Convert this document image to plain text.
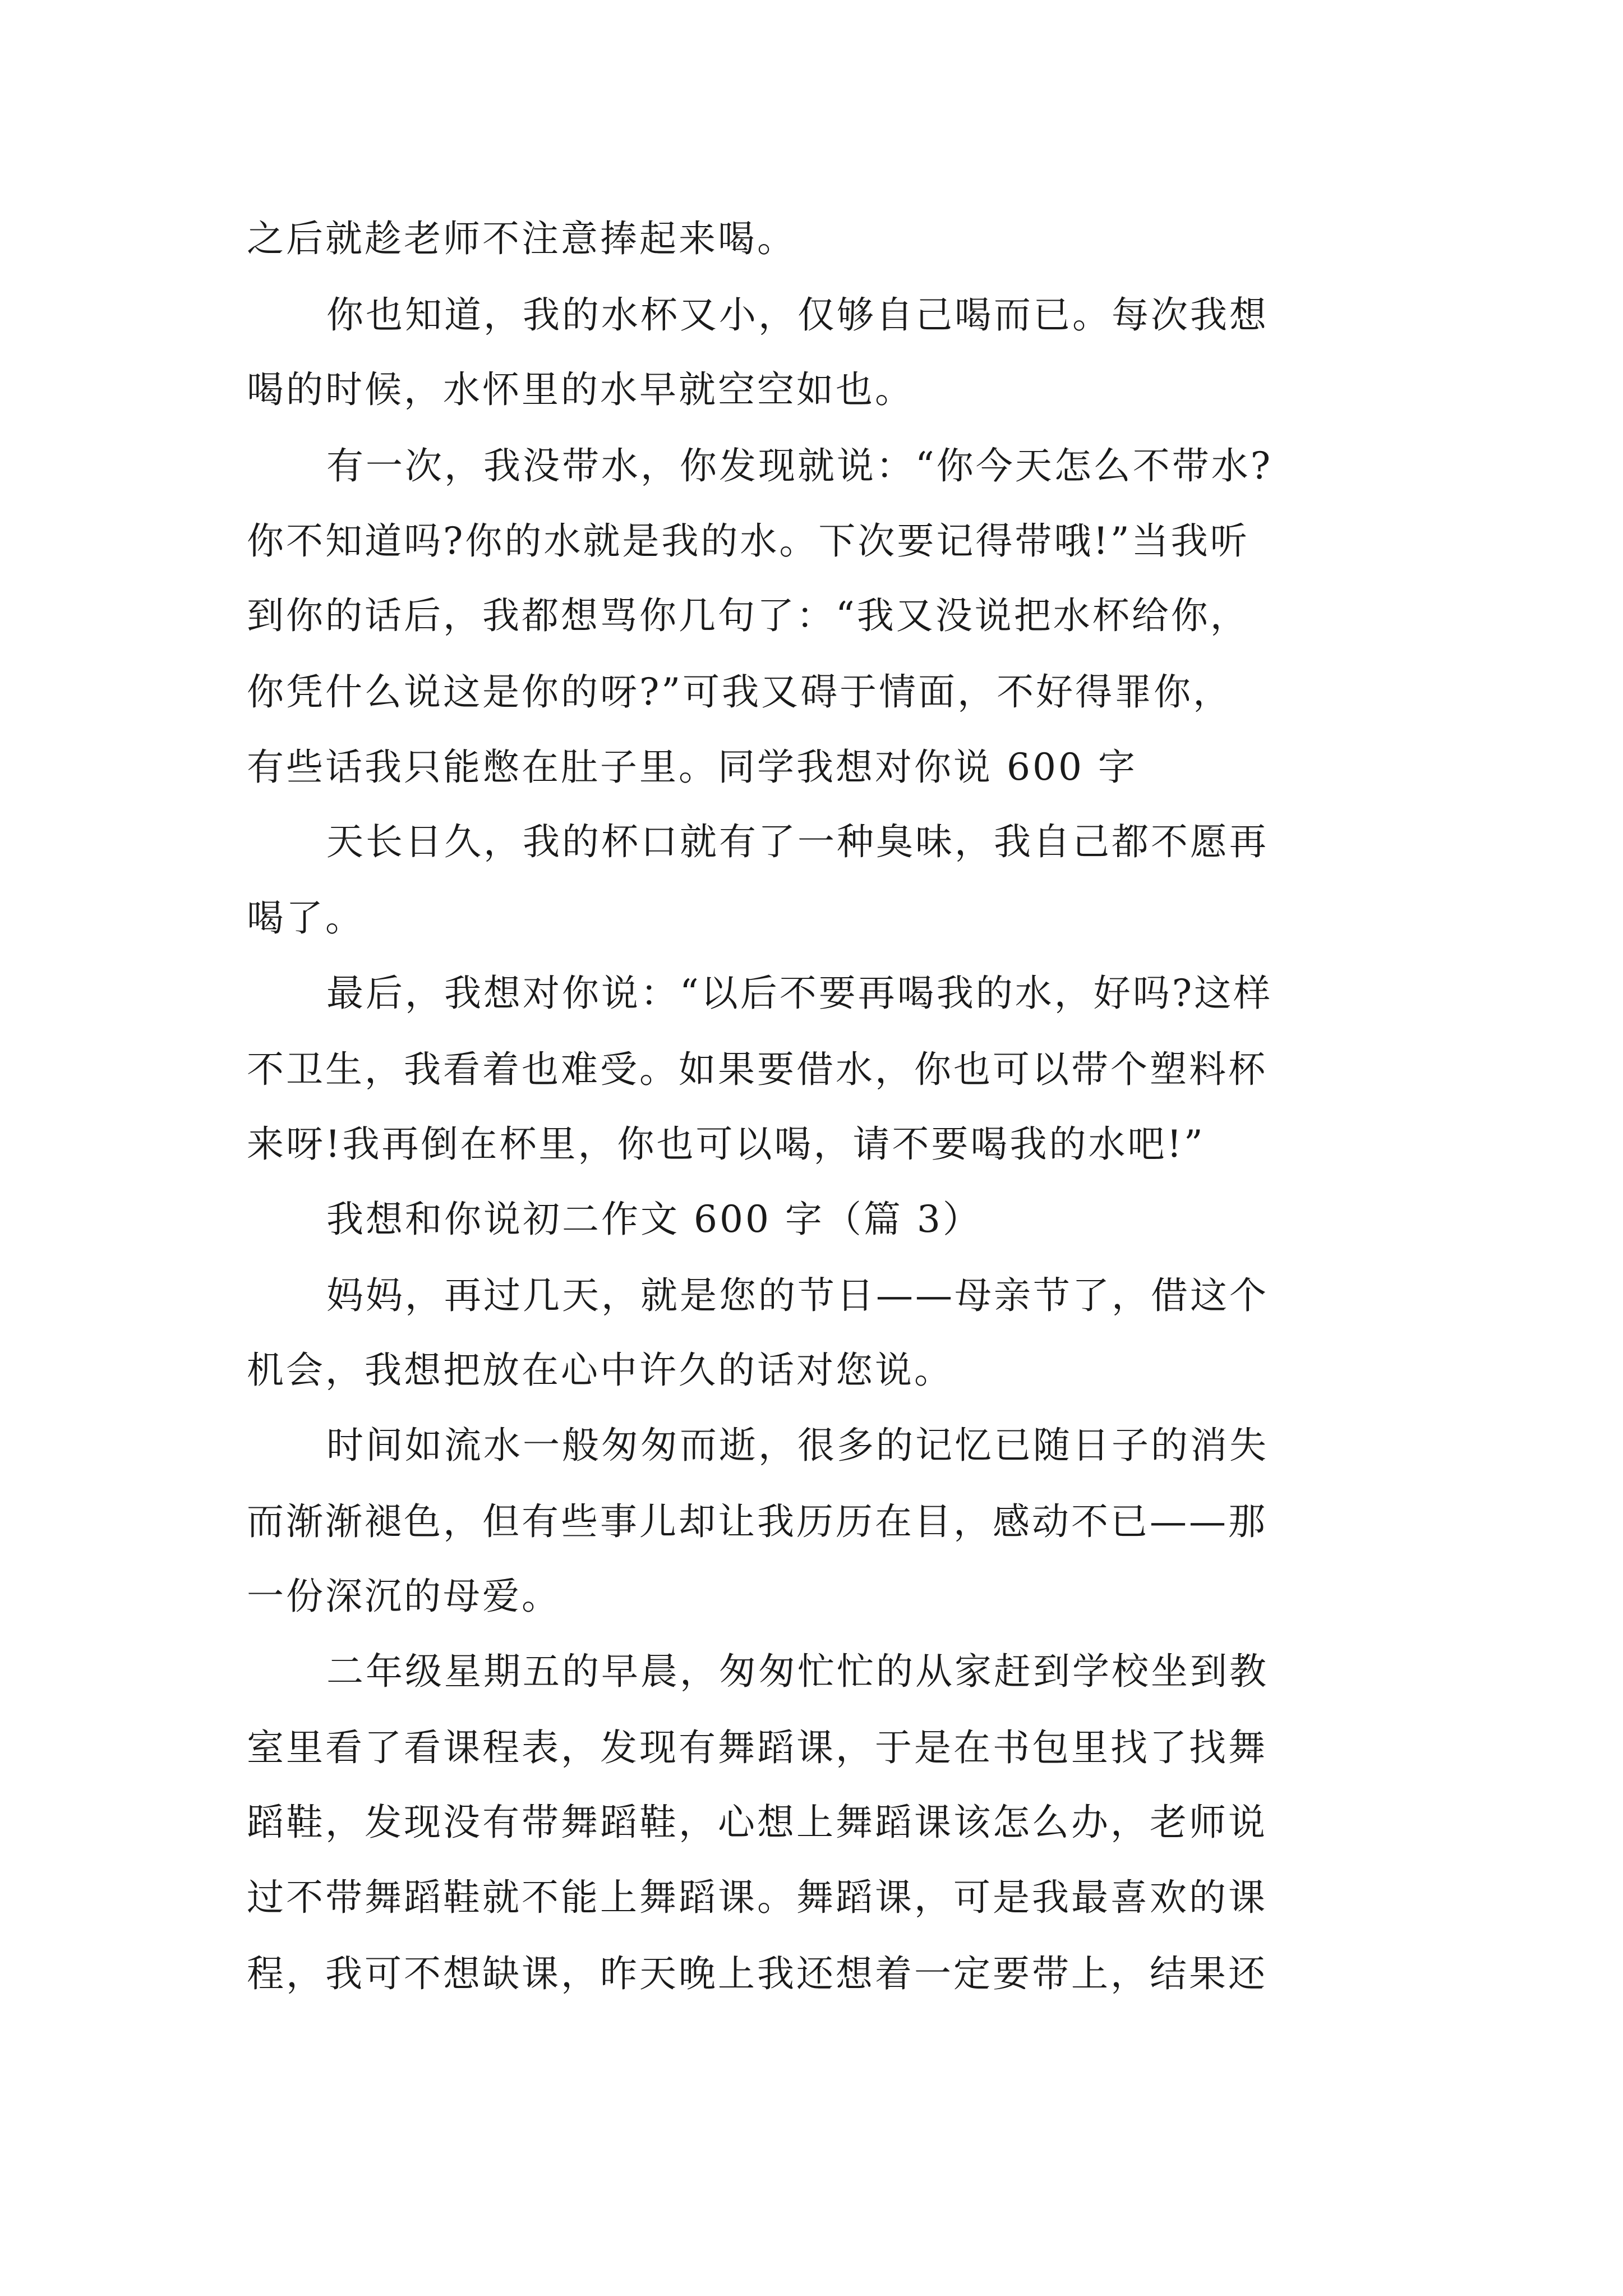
之后就趁老师不注意捧起来喝。
你也知道，我的水杯又小，仅够自己喝而已。每次我想
喝的时候，水怀里的水早就空空如也。
有一次，我没带水，你发现就说：“你今天怎么不带水?
你不知道吗?你的水就是我的水。下次要记得带哦!”当我听
到你的话后，我都想骂你几句了：“我又没说把水杯给你，
你凭什么说这是你的呀?”可我又碍于情面，不好得罪你，
有些话我只能憋在肚子里。同学我想对你说 600 字
天长日久，我的杯口就有了一种臭味，我自己都不愿再
喝了。
最后，我想对你说：“以后不要再喝我的水，好吗?这样
不卫生，我看着也难受。如果要借水，你也可以带个塑料杯
来呀!我再倒在杯里，你也可以喝，请不要喝我的水吧!”
我想和你说初二作文 600 字（篇 3）
妈妈，再过几天，就是您的节日——母亲节了，借这个
机会，我想把放在心中许久的话对您说。
时间如流水一般匆匆而逝，很多的记忆已随日子的消失
而渐渐褪色，但有些事儿却让我历历在目，感动不已——那
一份深沉的母爱。
二年级星期五的早晨，匆匆忙忙的从家赶到学校坐到教
室里看了看课程表，发现有舞蹈课，于是在书包里找了找舞
蹈鞋，发现没有带舞蹈鞋，心想上舞蹈课该怎么办，老师说
过不带舞蹈鞋就不能上舞蹈课。舞蹈课，可是我最喜欢的课
程，我可不想缺课，昨天晚上我还想着一定要带上，结果还
